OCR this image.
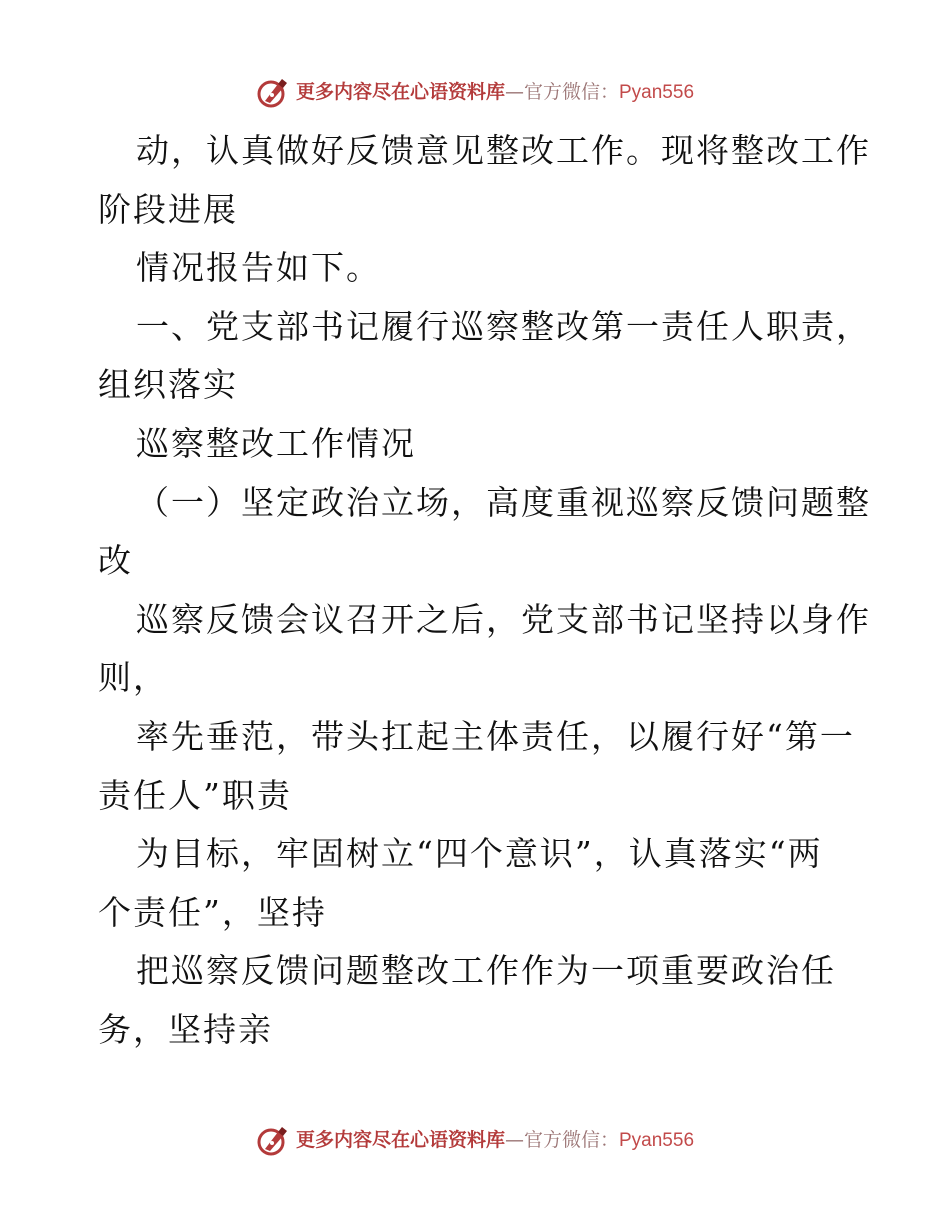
更多内容尽在心语资料库—官方微信：Pyan556
动，认真做好反馈意见整改工作。现将整改工作
阶段进展
情况报告如下。
一、党支部书记履行巡察整改第一责任人职责，
组织落实
巡察整改工作情况
（一）坚定政治立场，高度重视巡察反馈问题整
改
巡察反馈会议召开之后，党支部书记坚持以身作
则，
率先垂范，带头扛起主体责任，以履行好“第一
责任人”职责
为目标，牢固树立“四个意识”，认真落实“两
个责任”，坚持
把巡察反馈问题整改工作作为一项重要政治任
务，坚持亲
更多内容尽在心语资料库—官方微信：Pyan556
